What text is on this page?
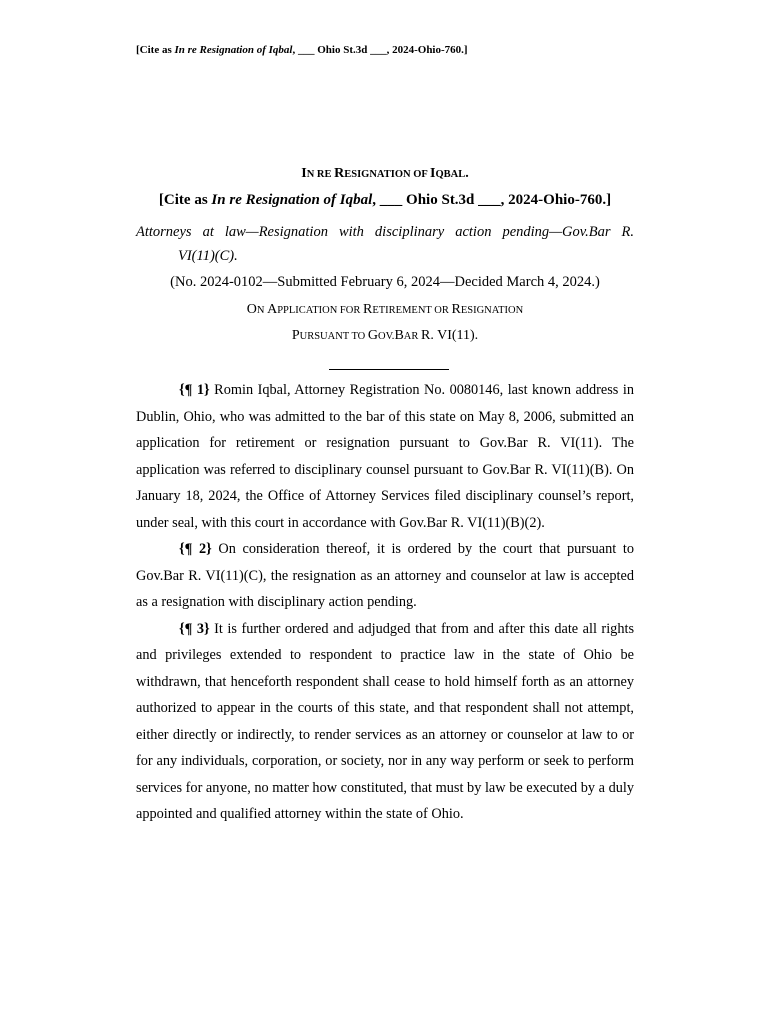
[Cite as In re Resignation of Iqbal, ___ Ohio St.3d ___, 2024-Ohio-760.]
IN RE RESIGNATION OF IQBAL.
[Cite as In re Resignation of Iqbal, ___ Ohio St.3d ___, 2024-Ohio-760.]
Attorneys at law—Resignation with disciplinary action pending—Gov.Bar R.
VI(11)(C).
(No. 2024-0102—Submitted February 6, 2024—Decided March 4, 2024.)
ON APPLICATION FOR RETIREMENT OR RESIGNATION
PURSUANT TO GOV.BAR R. VI(11).

{¶ 1} Romin Iqbal, Attorney Registration No. 0080146, last known address in Dublin, Ohio, who was admitted to the bar of this state on May 8, 2006, submitted an application for retirement or resignation pursuant to Gov.Bar R. VI(11). The application was referred to disciplinary counsel pursuant to Gov.Bar R. VI(11)(B). On January 18, 2024, the Office of Attorney Services filed disciplinary counsel’s report, under seal, with this court in accordance with Gov.Bar R. VI(11)(B)(2).

{¶ 2} On consideration thereof, it is ordered by the court that pursuant to Gov.Bar R. VI(11)(C), the resignation as an attorney and counselor at law is accepted as a resignation with disciplinary action pending.

{¶ 3} It is further ordered and adjudged that from and after this date all rights and privileges extended to respondent to practice law in the state of Ohio be withdrawn, that henceforth respondent shall cease to hold himself forth as an attorney authorized to appear in the courts of this state, and that respondent shall not attempt, either directly or indirectly, to render services as an attorney or counselor at law to or for any individuals, corporation, or society, nor in any way perform or seek to perform services for anyone, no matter how constituted, that must by law be executed by a duly appointed and qualified attorney within the state of Ohio.
